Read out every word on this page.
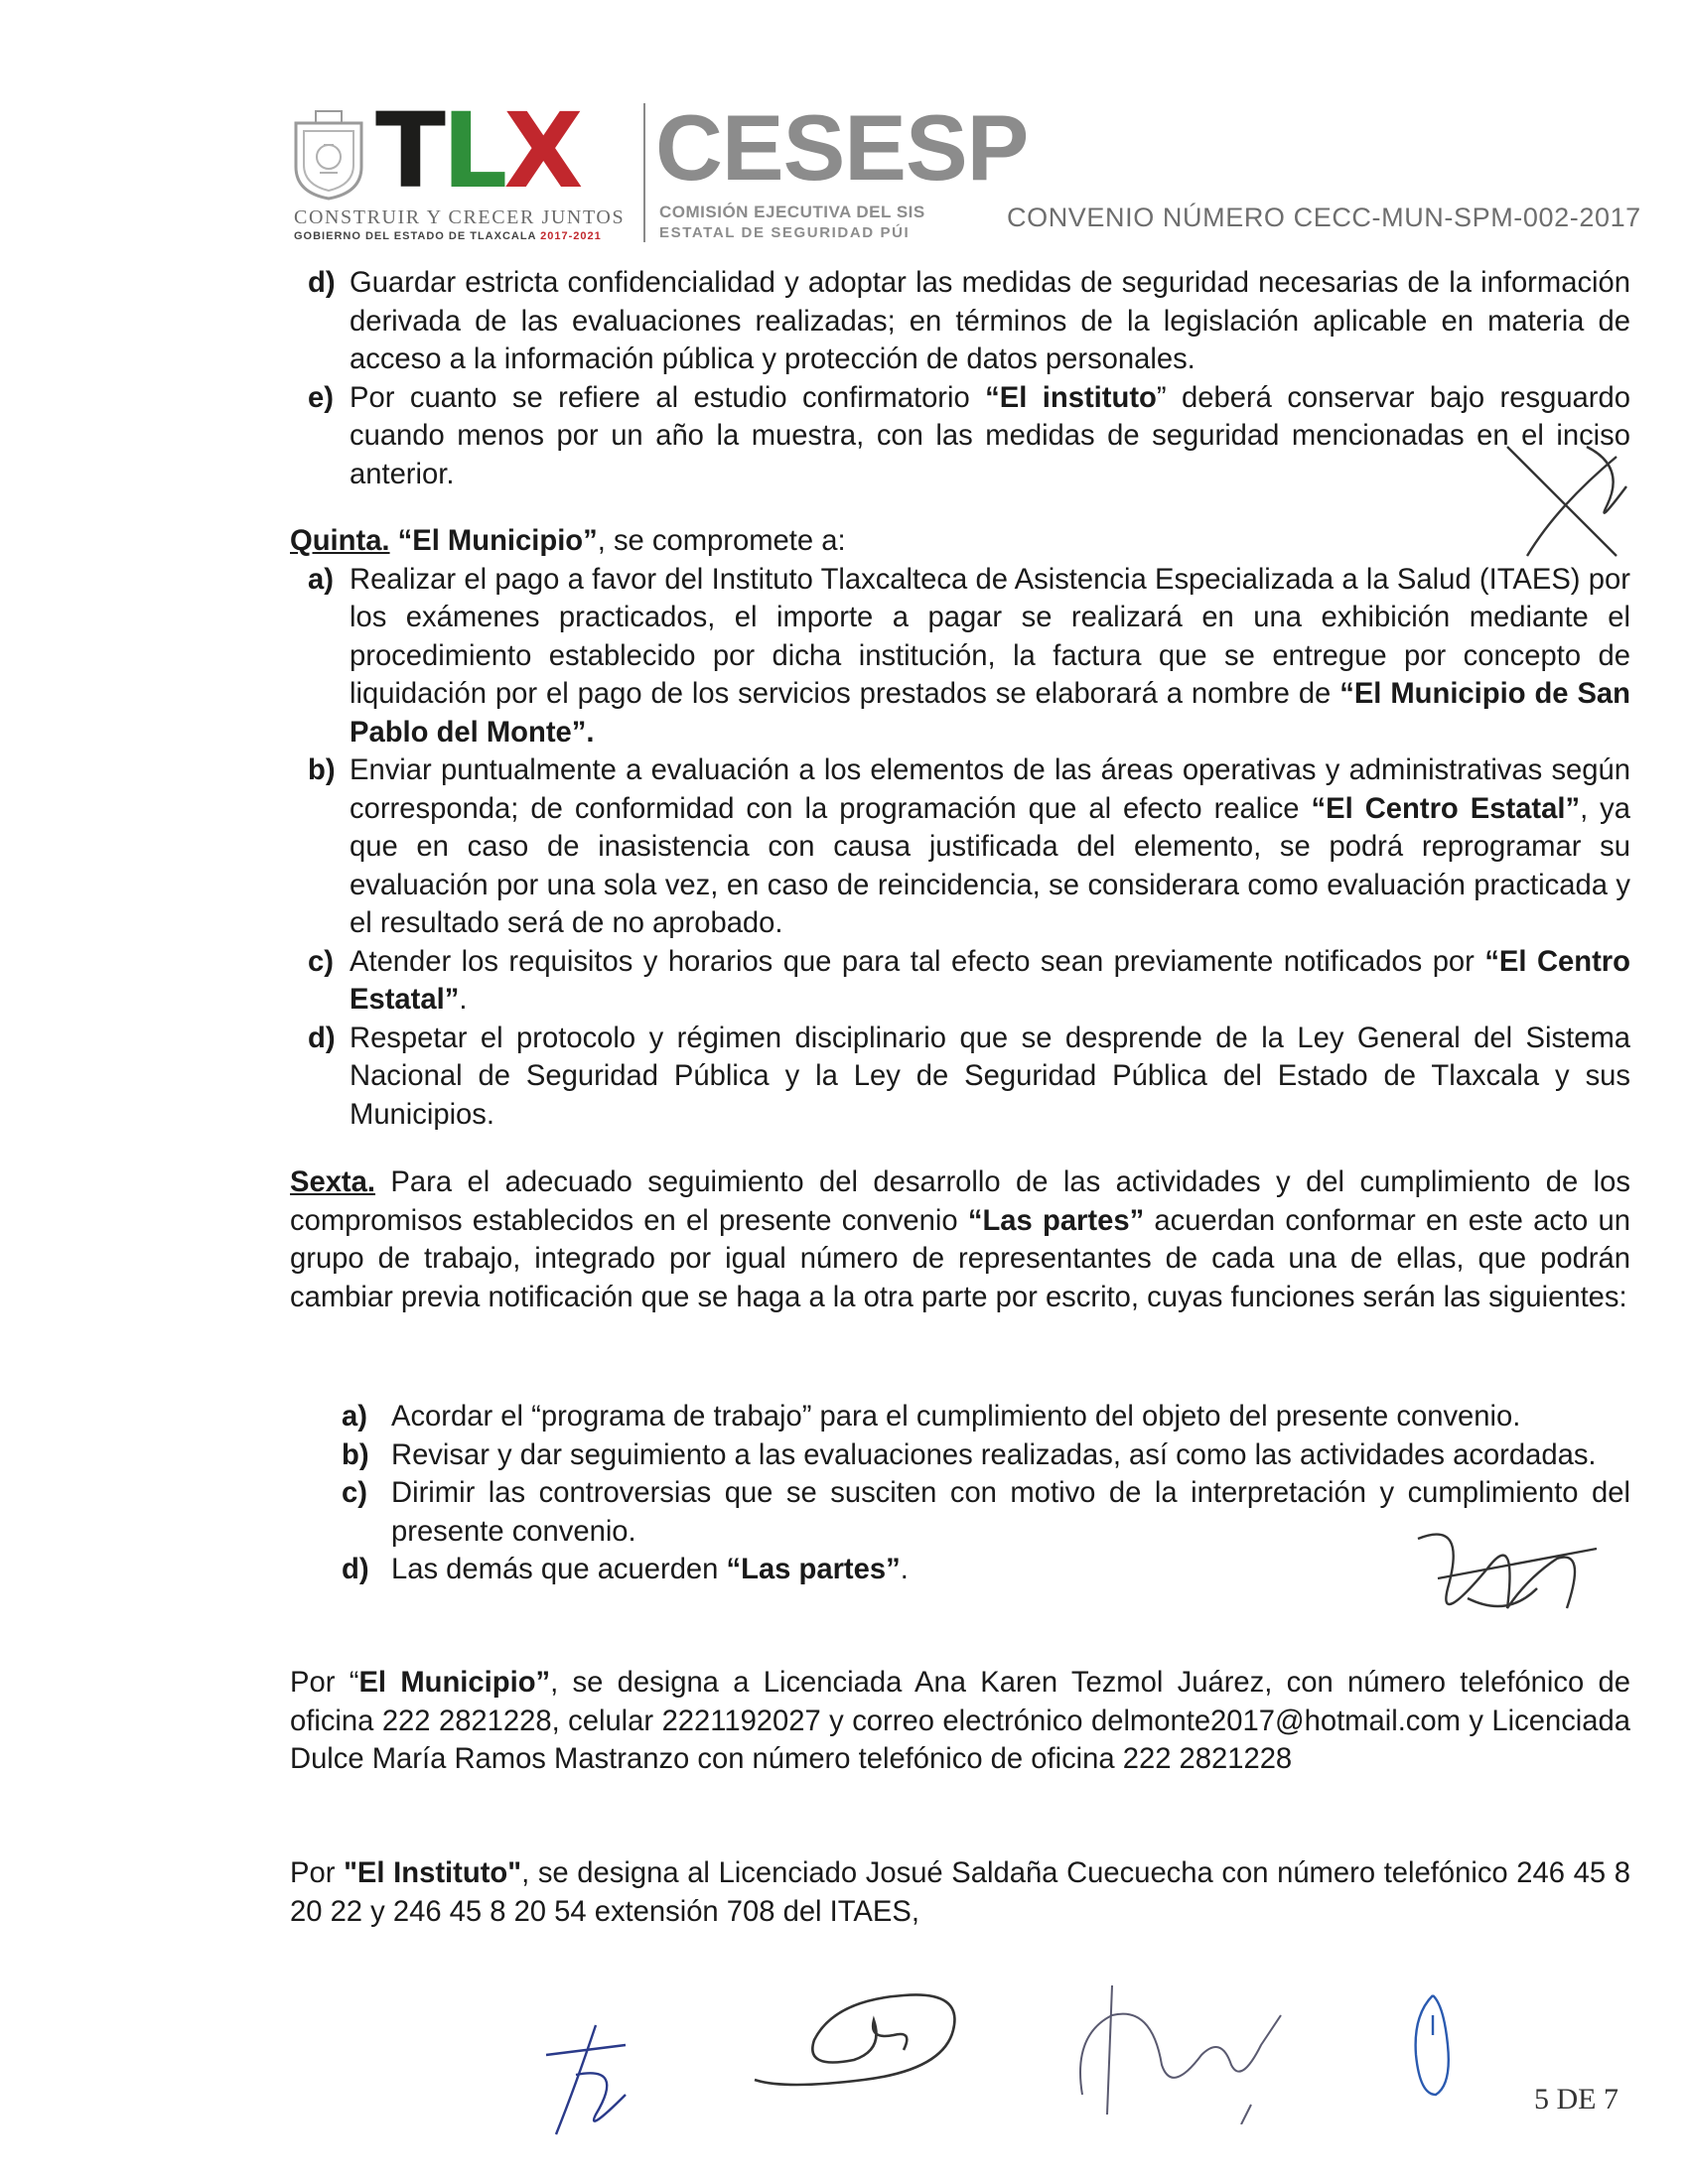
TLX CESESP
CONSTRUIR Y CRECER JUNTOS
GOBIERNO DEL ESTADO DE TLAXCALA 2017-2021
COMISIÓN EJECUTIVA DEL SIS
ESTATAL DE SEGURIDAD PÚI
CONVENIO NÚMERO CECC-MUN-SPM-002-2017
d) Guardar estricta confidencialidad y adoptar las medidas de seguridad necesarias de la información derivada de las evaluaciones realizadas; en términos de la legislación aplicable en materia de acceso a la información pública y protección de datos personales.
e) Por cuanto se refiere al estudio confirmatorio “El instituto” deberá conservar bajo resguardo cuando menos por un año la muestra, con las medidas de seguridad mencionadas en el inciso anterior.
Quinta. “El Municipio”, se compromete a:
a) Realizar el pago a favor del Instituto Tlaxcalteca de Asistencia Especializada a la Salud (ITAES) por los exámenes practicados, el importe a pagar se realizará en una exhibición mediante el procedimiento establecido por dicha institución, la factura que se entregue por concepto de liquidación por el pago de los servicios prestados se elaborará a nombre de “El Municipio de San Pablo del Monte”.
b) Enviar puntualmente a evaluación a los elementos de las áreas operativas y administrativas según corresponda; de conformidad con la programación que al efecto realice “El Centro Estatal”, ya que en caso de inasistencia con causa justificada del elemento, se podrá reprogramar su evaluación por una sola vez, en caso de reincidencia, se considerara como evaluación practicada y el resultado será de no aprobado.
c) Atender los requisitos y horarios que para tal efecto sean previamente notificados por “El Centro Estatal”.
d) Respetar el protocolo y régimen disciplinario que se desprende de la Ley General del Sistema Nacional de Seguridad Pública y la Ley de Seguridad Pública del Estado de Tlaxcala y sus Municipios.
Sexta. Para el adecuado seguimiento del desarrollo de las actividades y del cumplimiento de los compromisos establecidos en el presente convenio “Las partes” acuerdan conformar en este acto un grupo de trabajo, integrado por igual número de representantes de cada una de ellas, que podrán cambiar previa notificación que se haga a la otra parte por escrito, cuyas funciones serán las siguientes:
a) Acordar el “programa de trabajo” para el cumplimiento del objeto del presente convenio.
b) Revisar y dar seguimiento a las evaluaciones realizadas, así como las actividades acordadas.
c) Dirimir las controversias que se susciten con motivo de la interpretación y cumplimiento del presente convenio.
d) Las demás que acuerden “Las partes”.
Por “El Municipio”, se designa a Licenciada Ana Karen Tezmol Juárez, con número telefónico de oficina 222 2821228, celular 2221192027 y correo electrónico delmonte2017@hotmail.com y Licenciada Dulce María Ramos Mastranzo con número telefónico de oficina 222 2821228
Por "El Instituto", se designa al Licenciado Josué Saldaña Cuecuecha con número telefónico 246 45 8 20 22 y 246 45 8 20 54 extensión 708 del ITAES,
5 DE 7
